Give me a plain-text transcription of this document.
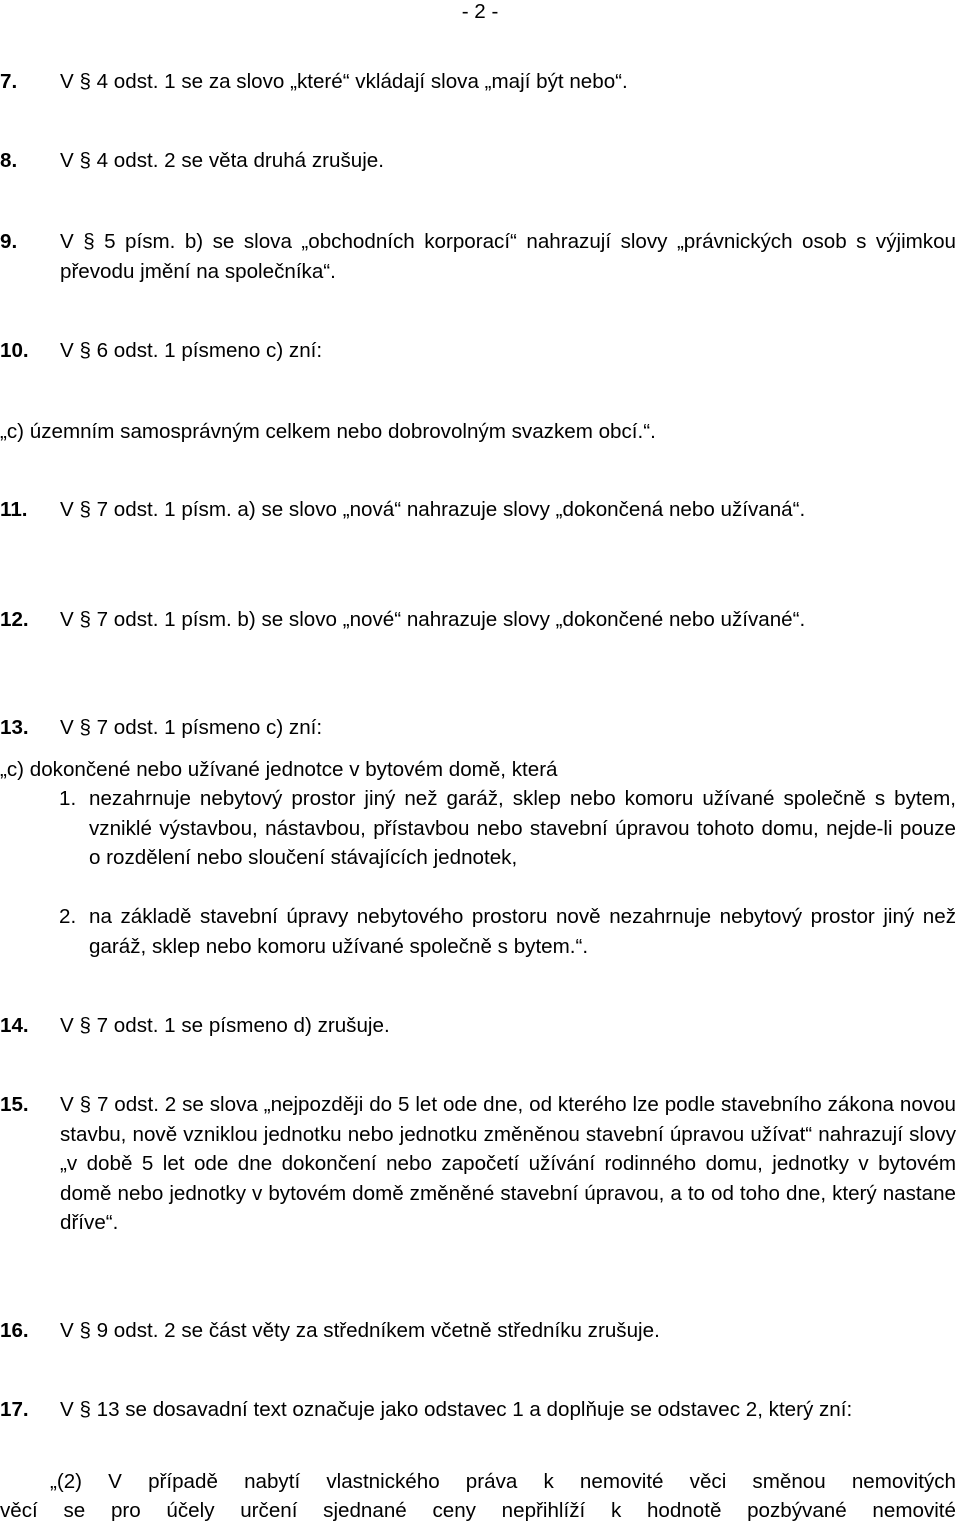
- 2 -
7. V § 4 odst. 1 se za slovo „které“ vkládají slova „mají být nebo“.
8. V § 4 odst. 2 se věta druhá zrušuje.
9. V § 5 písm. b) se slova „obchodních korporací“ nahrazují slovy „právnických osob s výjimkou převodu jmění na společníka“.
10. V § 6 odst. 1 písmeno c) zní:
„c) územním samosprávným celkem nebo dobrovolným svazkem obcí.“.
11. V § 7 odst. 1 písm. a) se slovo „nová“ nahrazuje slovy „dokončená nebo užívaná“.
12. V § 7 odst. 1 písm. b) se slovo „nové“ nahrazuje slovy „dokončené nebo užívané“.
13. V § 7 odst. 1 písmeno c) zní:
„c) dokončené nebo užívané jednotce v bytovém domě, která
1. nezahrnuje nebytový prostor jiný než garáž, sklep nebo komoru užívané společně s bytem, vzniklé výstavbou, nástavbou, přístavbou nebo stavební úpravou tohoto domu, nejde-li pouze o rozdělení nebo sloučení stávajících jednotek,
2. na základě stavební úpravy nebytového prostoru nově nezahrnuje nebytový prostor jiný než garáž, sklep nebo komoru užívané společně s bytem.“.
14. V § 7 odst. 1 se písmeno d) zrušuje.
15. V § 7 odst. 2 se slova „nejpozději do 5 let ode dne, od kterého lze podle stavebního zákona novou stavbu, nově vzniklou jednotku nebo jednotku změněnou stavební úpravou užívat“ nahrazují slovy „v době 5 let ode dne dokončení nebo započetí užívání rodinného domu, jednotky v bytovém domě nebo jednotky v bytovém domě změněné stavební úpravou, a to od toho dne, který nastane dříve“.
16. V § 9 odst. 2 se část věty za středníkem včetně středníku zrušuje.
17. V § 13 se dosavadní text označuje jako odstavec 1 a doplňuje se odstavec 2, který zní:
„(2) V případě nabytí vlastnického práva k nemovité věci směnou nemovitých
věcí se pro účely určení sjednané ceny nepřihlíží k hodnotě pozbývané nemovité
